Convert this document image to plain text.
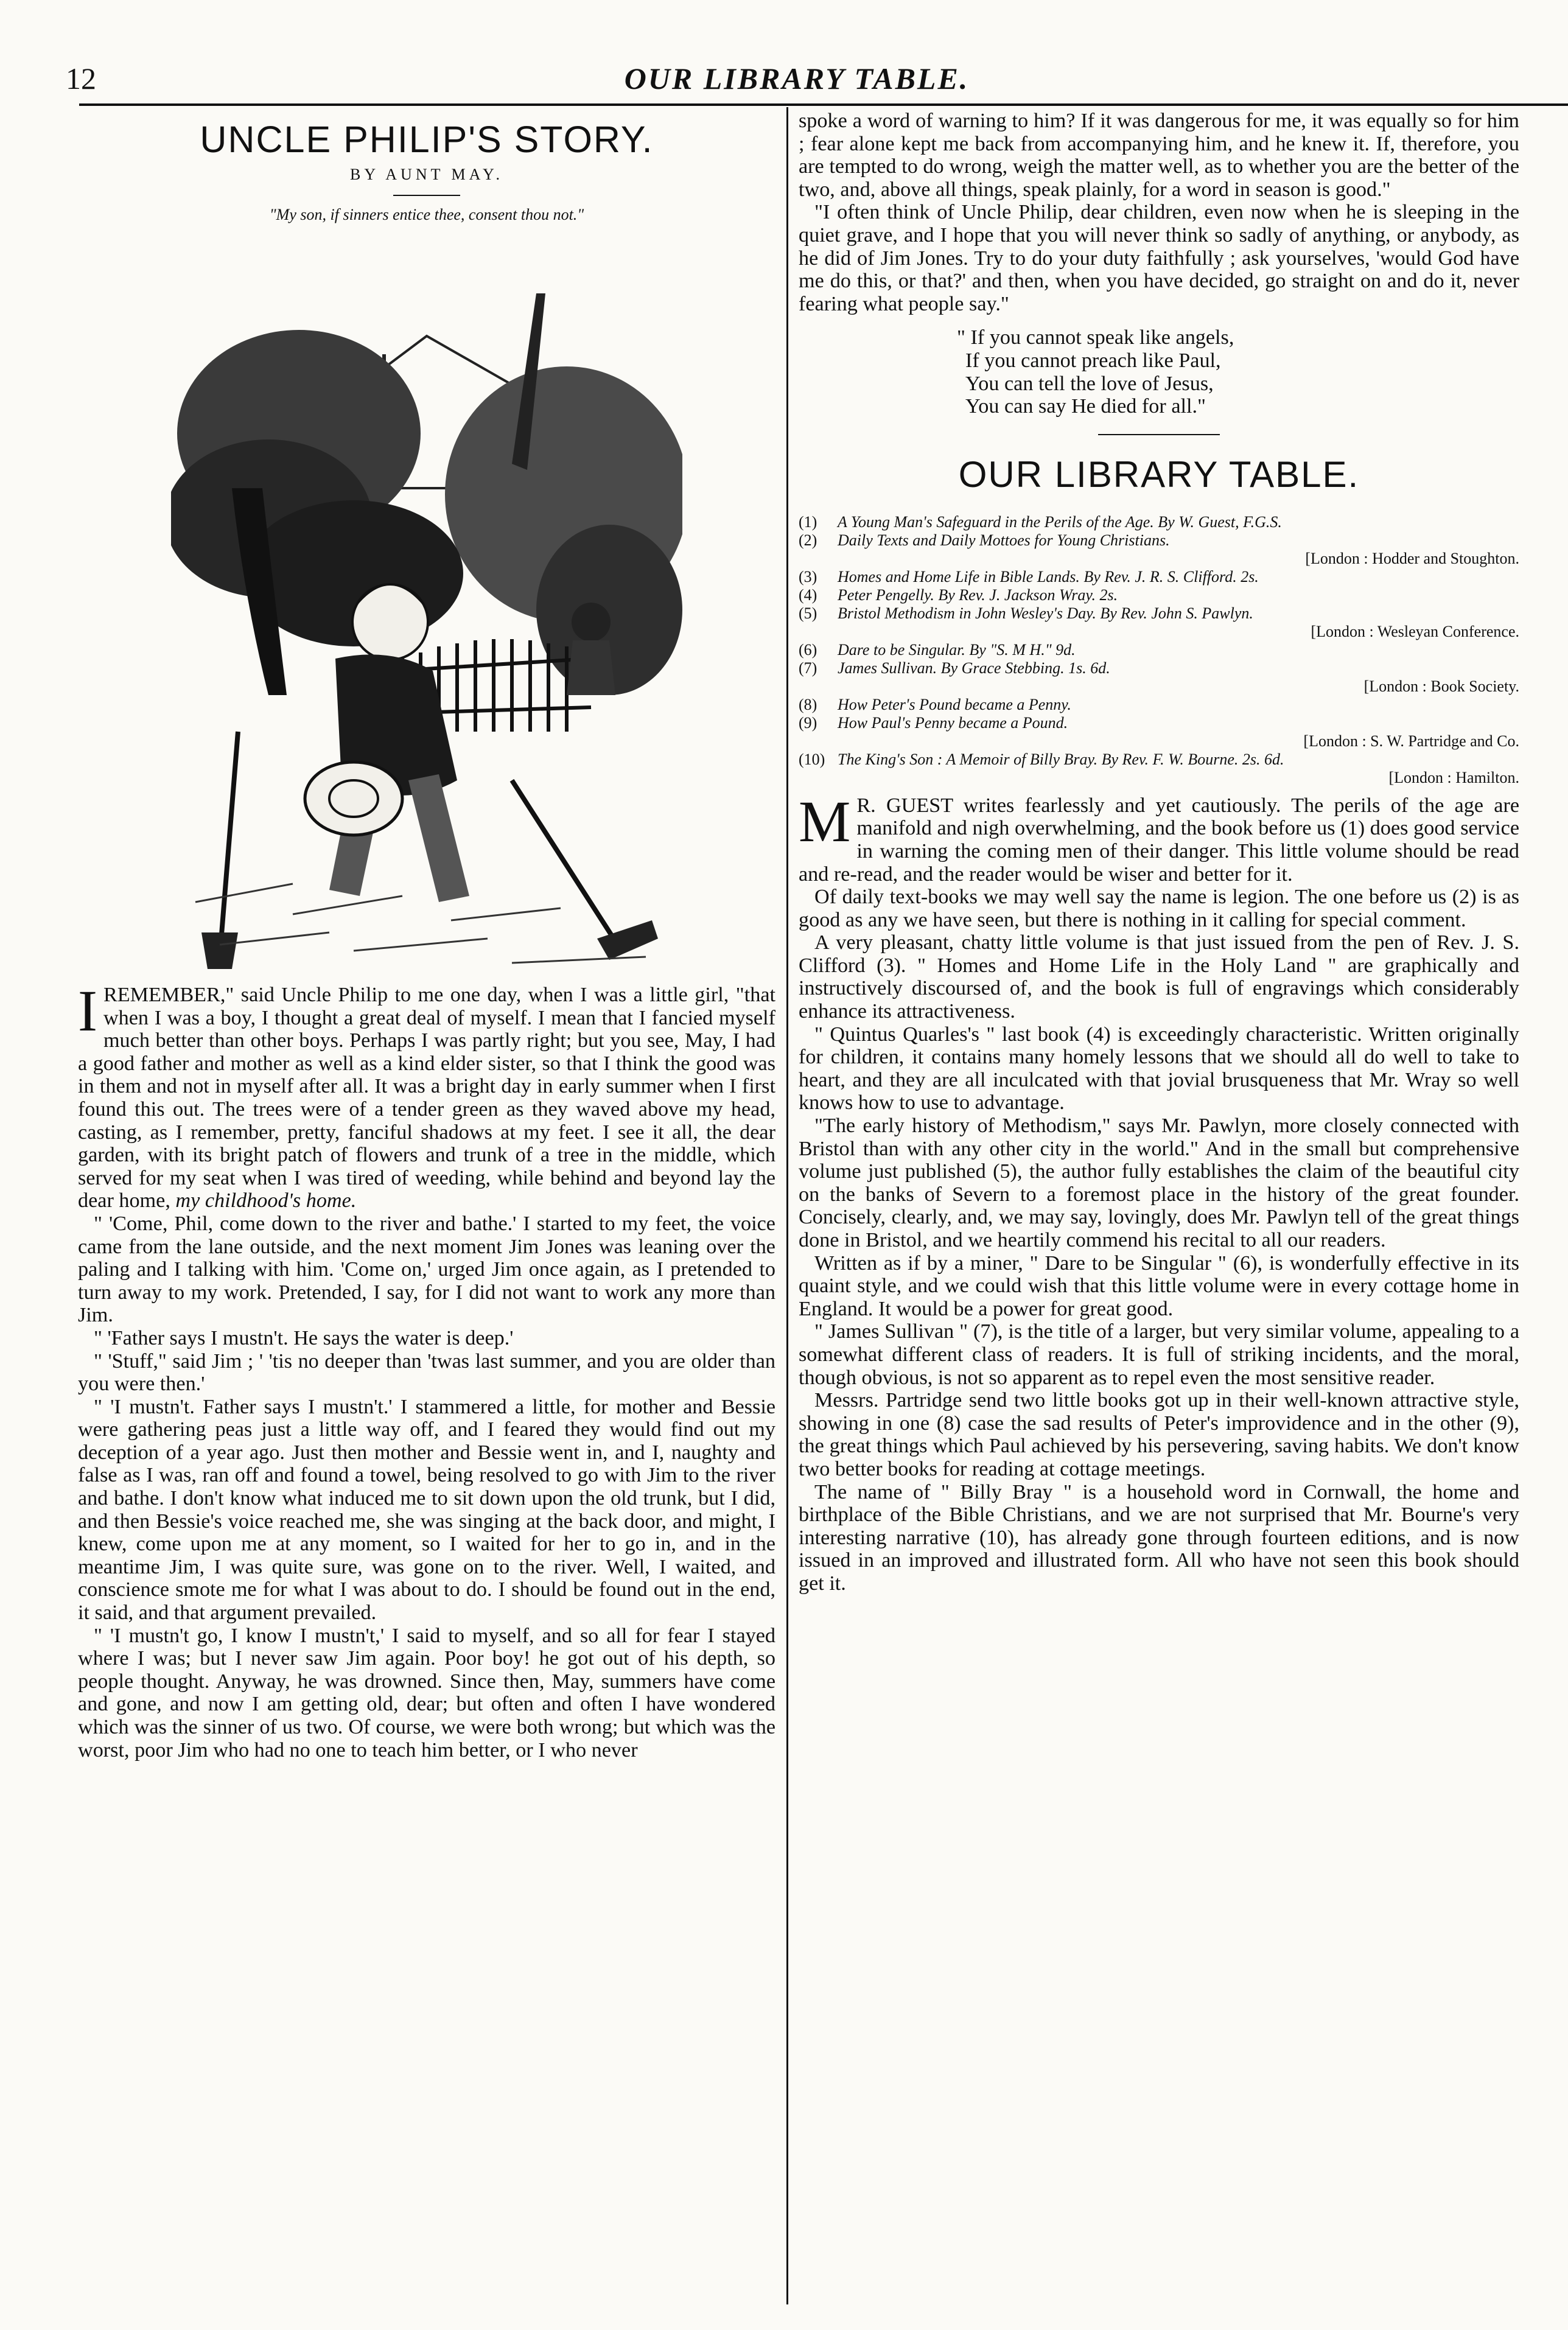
12	OUR LIBRARY TABLE.
UNCLE PHILIP'S STORY.
BY AUNT MAY.
"My son, if sinners entice thee, consent thou not."

IREMEMBER," said Uncle Philip to me one day, when I was a little girl, "that when I was a boy, I thought a great deal of myself. I mean that I fancied myself much better than other boys. Perhaps I was partly right; but you see, May, I had a good father and mother as well as a kind elder sister, so that I think the good was in them and not in myself after all. It was a bright day in early summer when I first found this out. The trees were of a tender green as they waved above my head, casting, as I remember, pretty, fanciful shadows at my feet. I see it all, the dear garden, with its bright patch of flowers and trunk of a tree in the middle, which served for my seat when I was tired of weeding, while behind and beyond lay the dear home, my childhood's home.

" 'Come, Phil, come down to the river and bathe.' I started to my feet, the voice came from the lane outside, and the next moment Jim Jones was leaning over the paling and I talking with him. 'Come on,' urged Jim once again, as I pretended to turn away to my work. Pretended, I say, for I did not want to work any more than Jim.

" 'Father says I mustn't. He says the water is deep.'

" 'Stuff," said Jim ; ' 'tis no deeper than 'twas last summer, and you are older than you were then.'

" 'I mustn't. Father says I mustn't.' I stammered a little, for mother and Bessie were gathering peas just a little way off, and I feared they would find out my deception of a year ago. Just then mother and Bessie went in, and I, naughty and false as I was, ran off and found a towel, being resolved to go with Jim to the river and bathe. I don't know what induced me to sit down upon the old trunk, but I did, and then Bessie's voice reached me, she was singing at the back door, and might, I knew, come upon me at any moment, so I waited for her to go in, and in the meantime Jim, I was quite sure, was gone on to the river. Well, I waited, and conscience smote me for what I was about to do. I should be found out in the end, it said, and that argument prevailed.

" 'I mustn't go, I know I mustn't,' I said to myself, and so all for fear I stayed where I was; but I never saw Jim again. Poor boy! he got out of his depth, so people thought. Anyway, he was drowned. Since then, May, summers have come and gone, and now I am getting old, dear; but often and often I have wondered which was the sinner of us two. Of course, we were both wrong; but which was the worst, poor Jim who had no one to teach him better, or I who never

spoke a word of warning to him? If it was dangerous for me, it was equally so for him ; fear alone kept me back from accompanying him, and he knew it. If, therefore, you are tempted to do wrong, weigh the matter well, as to whether you are the better of the two, and, above all things, speak plainly, for a word in season is good."

"I often think of Uncle Philip, dear children, even now when he is sleeping in the quiet grave, and I hope that you will never think so sadly of anything, or anybody, as he did of Jim Jones. Try to do your duty faithfully ; ask yourselves, 'would God have me do this, or that?' and then, when you have decided, go straight on and do it, never fearing what people say."

" If you cannot speak like angels,
If you cannot preach like Paul,
You can tell the love of Jesus,
You can say He died for all."
OUR LIBRARY TABLE.
(1)	A Young Man's Safeguard in the Perils of the Age. By W. Guest, F.G.S.
(2)	Daily Texts and Daily Mottoes for Young Christians.
[London : Hodder and Stoughton.
(3)	Homes and Home Life in Bible Lands. By Rev. J. R. S. Clifford. 2s.
(4)	Peter Pengelly. By Rev. J. Jackson Wray. 2s.
(5)	Bristol Methodism in John Wesley's Day. By Rev. John S. Pawlyn.
[London : Wesleyan Conference.
(6)	Dare to be Singular. By "S. M H." 9d.
(7)	James Sullivan. By Grace Stebbing. 1s. 6d.
[London : Book Society.
(8)	How Peter's Pound became a Penny.
(9)	How Paul's Penny became a Pound.
[London : S. W. Partridge and Co.
(10) The King's Son : A Memoir of Billy Bray. By Rev. F. W. Bourne. 2s. 6d.
[London : Hamilton.

M R. GUEST writes fearlessly and yet cautiously. The perils of the age are manifold and nigh overwhelming, and the book before us (1) does good service in warning the coming men of their danger. This little volume should be read and re-read, and the reader would be wiser and better for it.

Of daily text-books we may well say the name is legion. The one before us (2) is as good as any we have seen, but there is nothing in it calling for special comment.

A very pleasant, chatty little volume is that just issued from the pen of Rev. J. S. Clifford (3). " Homes and Home Life in the Holy Land " are graphically and instructively discoursed of, and the book is full of engravings which considerably enhance its attractiveness.

" Quintus Quarles's " last book (4) is exceedingly characteristic. Written originally for children, it contains many homely lessons that we should all do well to take to heart, and they are all inculcated with that jovial brusqueness that Mr. Wray so well knows how to use to advantage.

"The early history of Methodism," says Mr. Pawlyn, more closely connected with Bristol than with any other city in the world." And in the small but comprehensive volume just published (5), the author fully establishes the claim of the beautiful city on the banks of Severn to a foremost place in the history of the great founder. Concisely, clearly, and, we may say, lovingly, does Mr. Pawlyn tell of the great things done in Bristol, and we heartily commend his recital to all our readers.

Written as if by a miner, " Dare to be Singular " (6), is wonderfully effective in its quaint style, and we could wish that this little volume were in every cottage home in England. It would be a power for great good.

" James Sullivan " (7), is the title of a larger, but very similar volume, appealing to a somewhat different class of readers. It is full of striking incidents, and the moral, though obvious, is not so apparent as to repel even the most sensitive reader.

Messrs. Partridge send two little books got up in their well-known attractive style, showing in one (8) case the sad results of Peter's improvidence and in the other (9), the great things which Paul achieved by his persevering, saving habits. We don't know two better books for reading at cottage meetings.

The name of " Billy Bray " is a household word in Cornwall, the home and birthplace of the Bible Christians, and we are not surprised that Mr. Bourne's very interesting narrative (10), has already gone through fourteen editions, and is now issued in an improved and illustrated form. All who have not seen this book should get it.
